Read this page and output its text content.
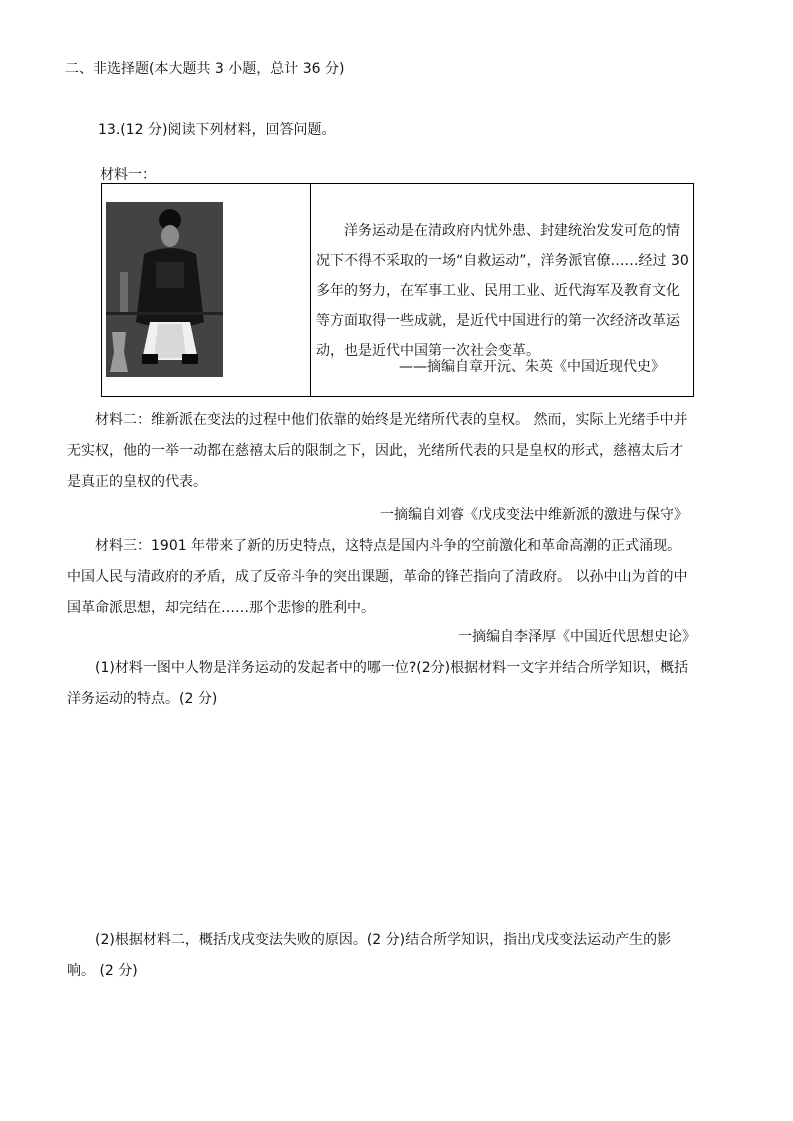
二、非选择题(本大题共 3 小题，总计 36 分)
13.(12 分)阅读下列材料，回答问题。
材料一：
洋务运动是在清政府内忧外患、封建统治发发可危的情况下不得不采取的一场“自救运动”，洋务派官僚……经过 30 多年的努力，在军事工业、民用工业、近代海军及教育文化等方面取得一些成就，是近代中国进行的第一次经济改革运动，也是近代中国第一次社会变革。
——摘编自章开沅、朱英《中国近现代史》
材料二：维新派在变法的过程中他们依靠的始终是光绪所代表的皇权。 然而，实际上光绪手中并无实权，他的一举一动都在慈禧太后的限制之下，因此，光绪所代表的只是皇权的形式，慈禧太后才是真正的皇权的代表。
一摘编自刘睿《戊戌变法中维新派的激进与保守》
材料三：1901 年带来了新的历史特点，这特点是国内斗争的空前激化和革命高潮的正式涌现。中国人民与清政府的矛盾，成了反帝斗争的突出课题，革命的锋芒指向了清政府。 以孙中山为首的中国革命派思想，却完结在……那个悲惨的胜利中。
一摘编自李泽厚《中国近代思想史论》
(1)材料一图中人物是洋务运动的发起者中的哪一位?(2分)根据材料一文字并结合所学知识，概括洋务运动的特点。(2 分)
(2)根据材料二，概括戊戌变法失败的原因。(2 分)结合所学知识，指出戊戌变法运动产生的影响。 (2 分)
